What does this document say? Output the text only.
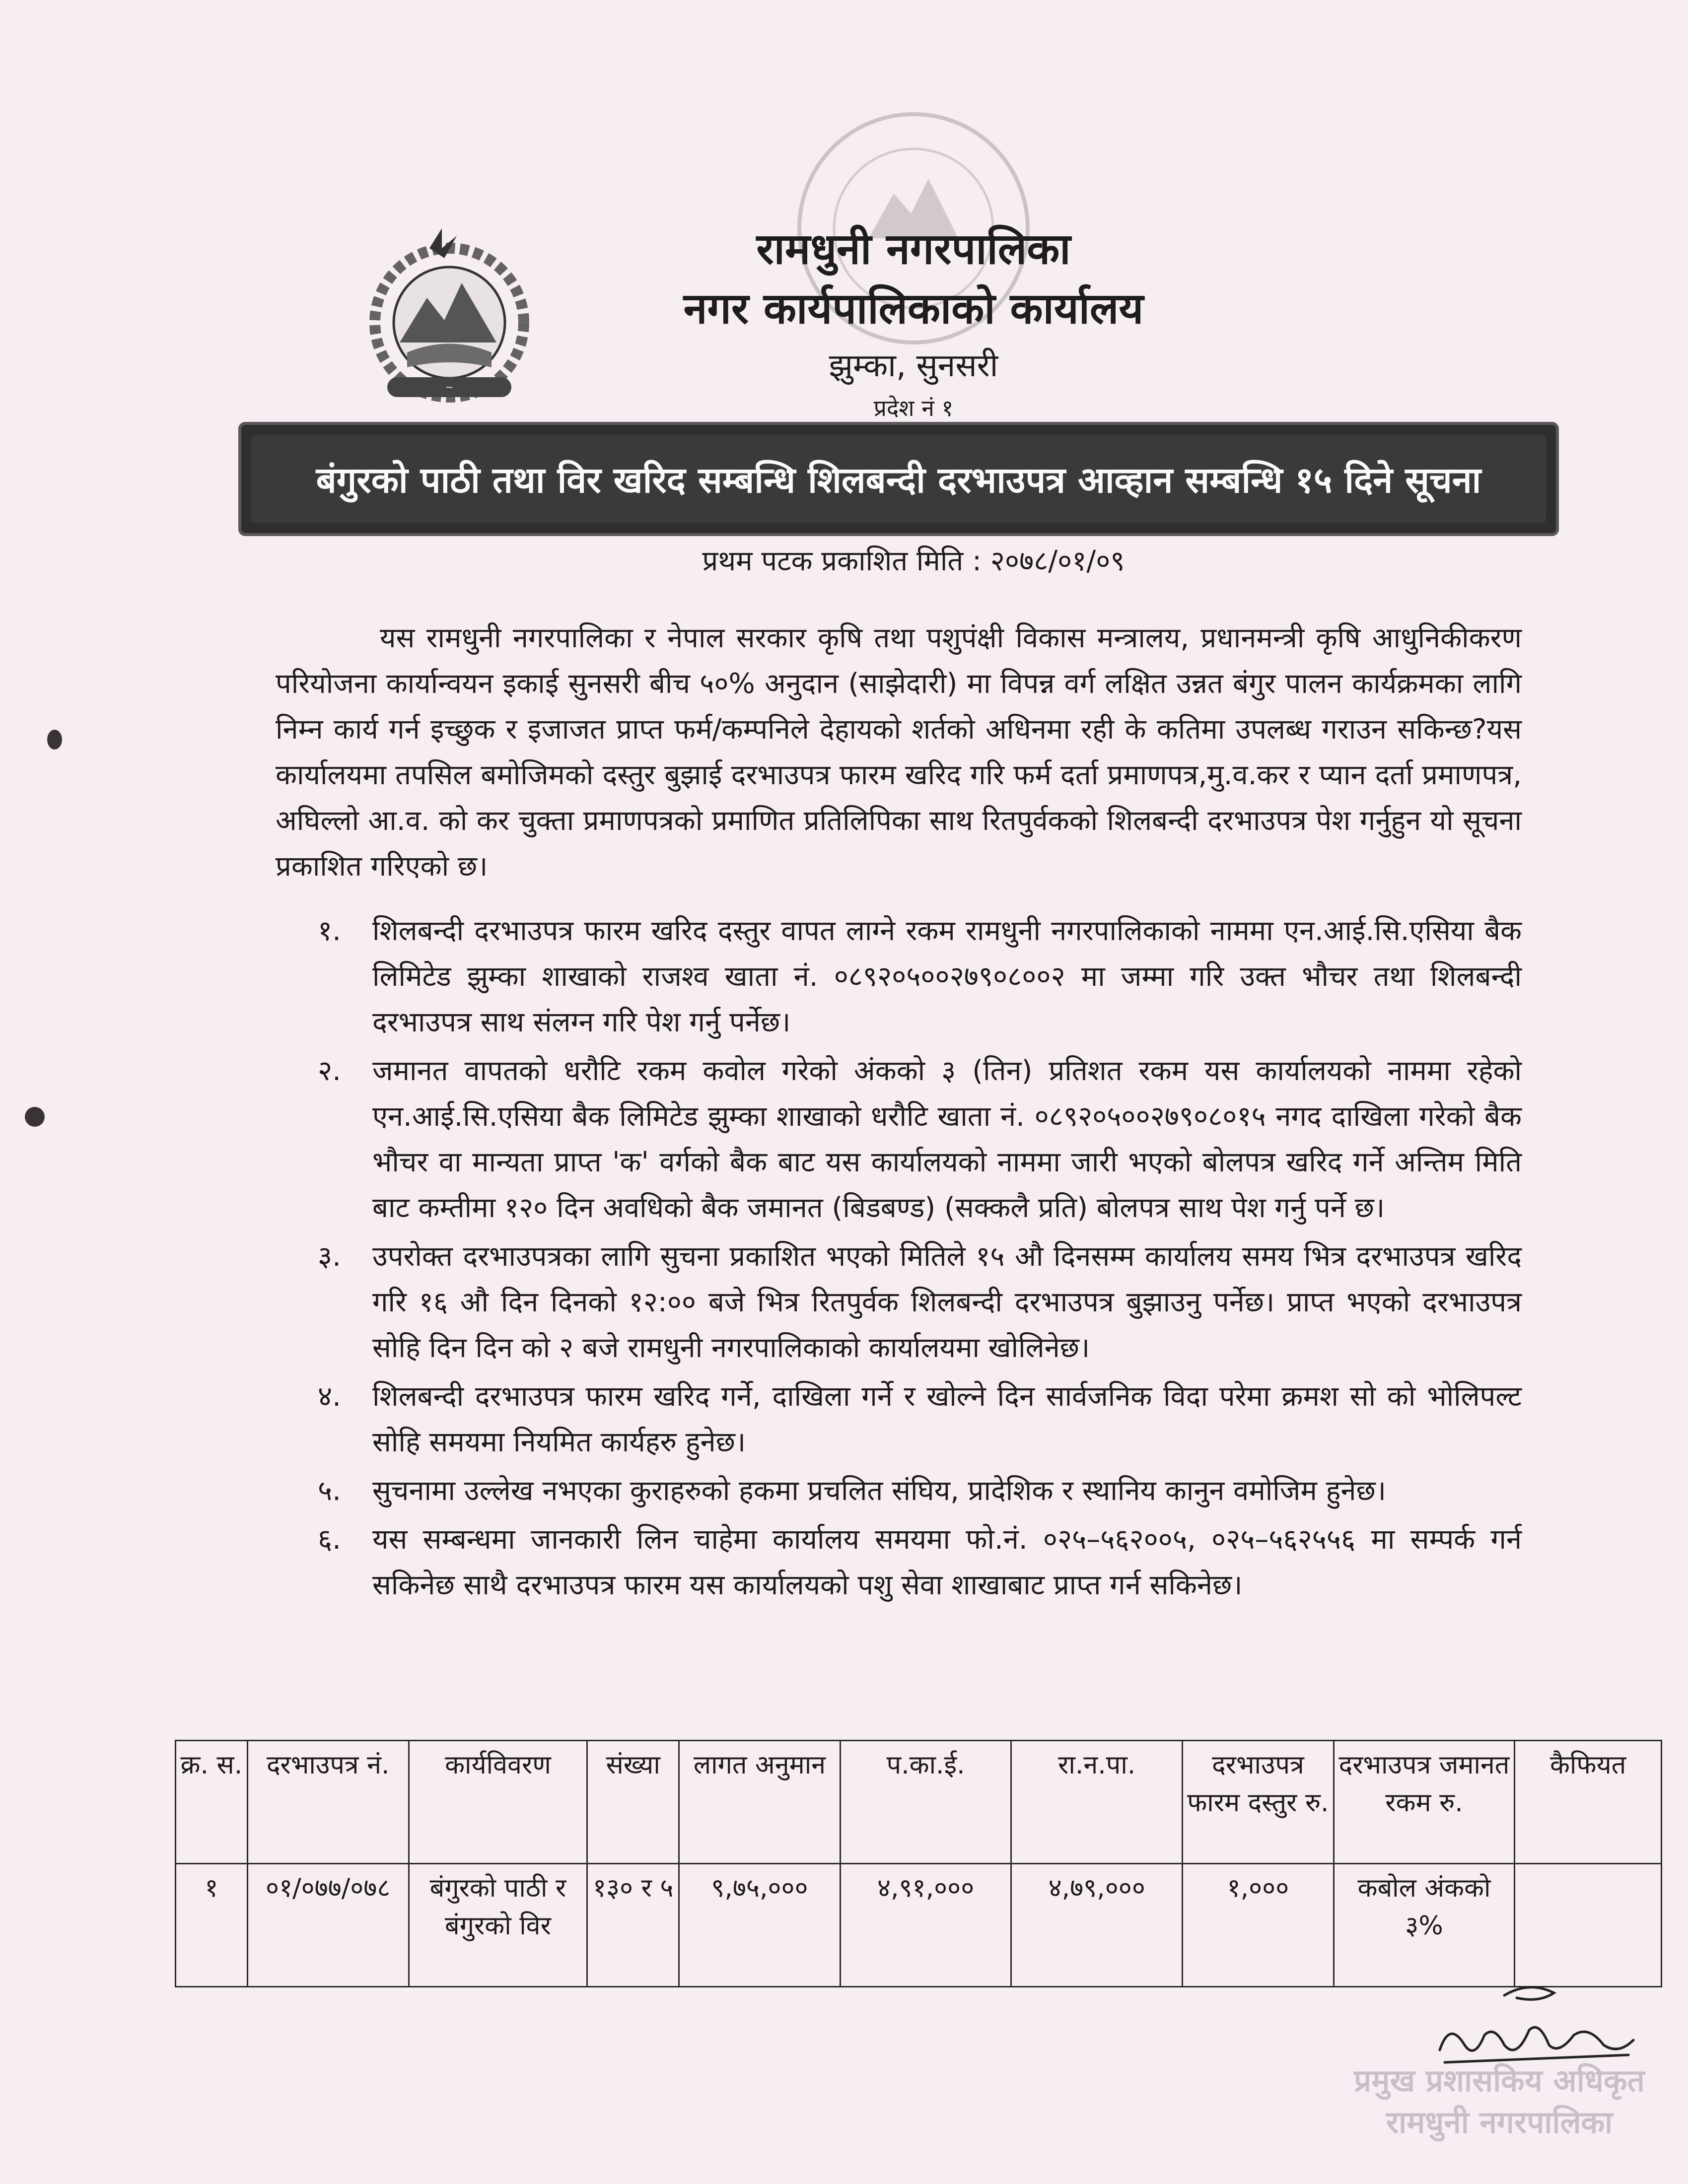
~
रामधुनी नगरपालिका
नगर कार्यपालिकाको कार्यालय
झुम्का, सुनसरी
प्रदेश नं १
बंगुरको पाठी तथा विर खरिद सम्बन्धि शिलबन्दी दरभाउपत्र आव्हान सम्बन्धि १५ दिने सूचना
प्रथम पटक प्रकाशित मिति : २०७८/०१/०९
यस रामधुनी नगरपालिका र नेपाल सरकार कृषि तथा पशुपंक्षी विकास मन्त्रालय, प्रधानमन्त्री कृषि आधुनिकीकरण परियोजना कार्यान्वयन इकाई सुनसरी बीच ५०% अनुदान (साझेदारी) मा विपन्न वर्ग लक्षित उन्नत बंगुर पालन कार्यक्रमका लागि निम्न कार्य गर्न इच्छुक र इजाजत प्राप्त फर्म/कम्पनिले देहायको शर्तको अधिनमा रही के कतिमा उपलब्ध गराउन सकिन्छ?यस कार्यालयमा तपसिल बमोजिमको दस्तुर बुझाई दरभाउपत्र फारम खरिद गरि फर्म दर्ता प्रमाणपत्र,मु.व.कर र प्यान दर्ता प्रमाणपत्र, अघिल्लो आ.व. को कर चुक्ता प्रमाणपत्रको प्रमाणित प्रतिलिपिका साथ रितपुर्वकको शिलबन्दी दरभाउपत्र पेश गर्नुहुन यो सूचना प्रकाशित गरिएको छ।
१.	शिलबन्दी दरभाउपत्र फारम खरिद दस्तुर वापत लाग्ने रकम रामधुनी नगरपालिकाको नाममा एन.आई.सि.एसिया बैक लिमिटेड झुम्का शाखाको राजश्व खाता नं. ०८९२०५००२७९०८००२ मा जम्मा गरि उक्त भौचर तथा शिलबन्दी दरभाउपत्र साथ संलग्न गरि पेश गर्नु पर्नेछ।
२.	जमानत वापतको धरौटि रकम कवोल गरेको अंकको ३ (तिन) प्रतिशत रकम यस कार्यालयको नाममा रहेको एन.आई.सि.एसिया बैक लिमिटेड झुम्का शाखाको धरौटि खाता नं. ०८९२०५००२७९०८०१५ नगद दाखिला गरेको बैक भौचर वा मान्यता प्राप्त 'क' वर्गको बैक बाट यस कार्यालयको नाममा जारी भएको बोलपत्र खरिद गर्ने अन्तिम मिति बाट कम्तीमा १२० दिन अवधिको बैक जमानत (बिडबण्ड) (सक्कलै प्रति) बोलपत्र साथ पेश गर्नु पर्ने छ।
३.	उपरोक्त दरभाउपत्रका लागि सुचना प्रकाशित भएको मितिले १५ औ दिनसम्म कार्यालय समय भित्र दरभाउपत्र खरिद गरि १६ औ दिन दिनको १२:०० बजे भित्र रितपुर्वक शिलबन्दी दरभाउपत्र बुझाउनु पर्नेछ। प्राप्त भएको दरभाउपत्र सोहि दिन दिन को २ बजे रामधुनी नगरपालिकाको कार्यालयमा खोलिनेछ।
४.	शिलबन्दी दरभाउपत्र फारम खरिद गर्ने, दाखिला गर्ने र खोल्ने दिन सार्वजनिक विदा परेमा क्रमश सो को भोलिपल्ट सोहि समयमा नियमित कार्यहरु हुनेछ।
५.	सुचनामा उल्लेख नभएका कुराहरुको हकमा प्रचलित संघिय, प्रादेशिक र स्थानिय कानुन वमोजिम हुनेछ।
६.	यस सम्बन्धमा जानकारी लिन चाहेमा कार्यालय समयमा फो.नं. ०२५–५६२००५, ०२५–५६२५५६ मा सम्पर्क गर्न सकिनेछ साथै दरभाउपत्र फारम यस कार्यालयको पशु सेवा शाखाबाट प्राप्त गर्न सकिनेछ।
क्र. स.	दरभाउपत्र नं.	कार्यविवरण	संख्या	लागत अनुमान	प.का.ई.	रा.न.पा.	दरभाउपत्र फारम दस्तुर रु.	दरभाउपत्र जमानत रकम रु.	कैफियत
१	०१/०७७/०७८	बंगुरको पाठी र बंगुरको विर	१३० र ५	९,७५,०००	४,९१,०००	४,७९,०००	१,०००	कबोल अंकको ३%	
प्रमुख प्रशासकिय अधिकृत
रामधुनी नगरपालिका
